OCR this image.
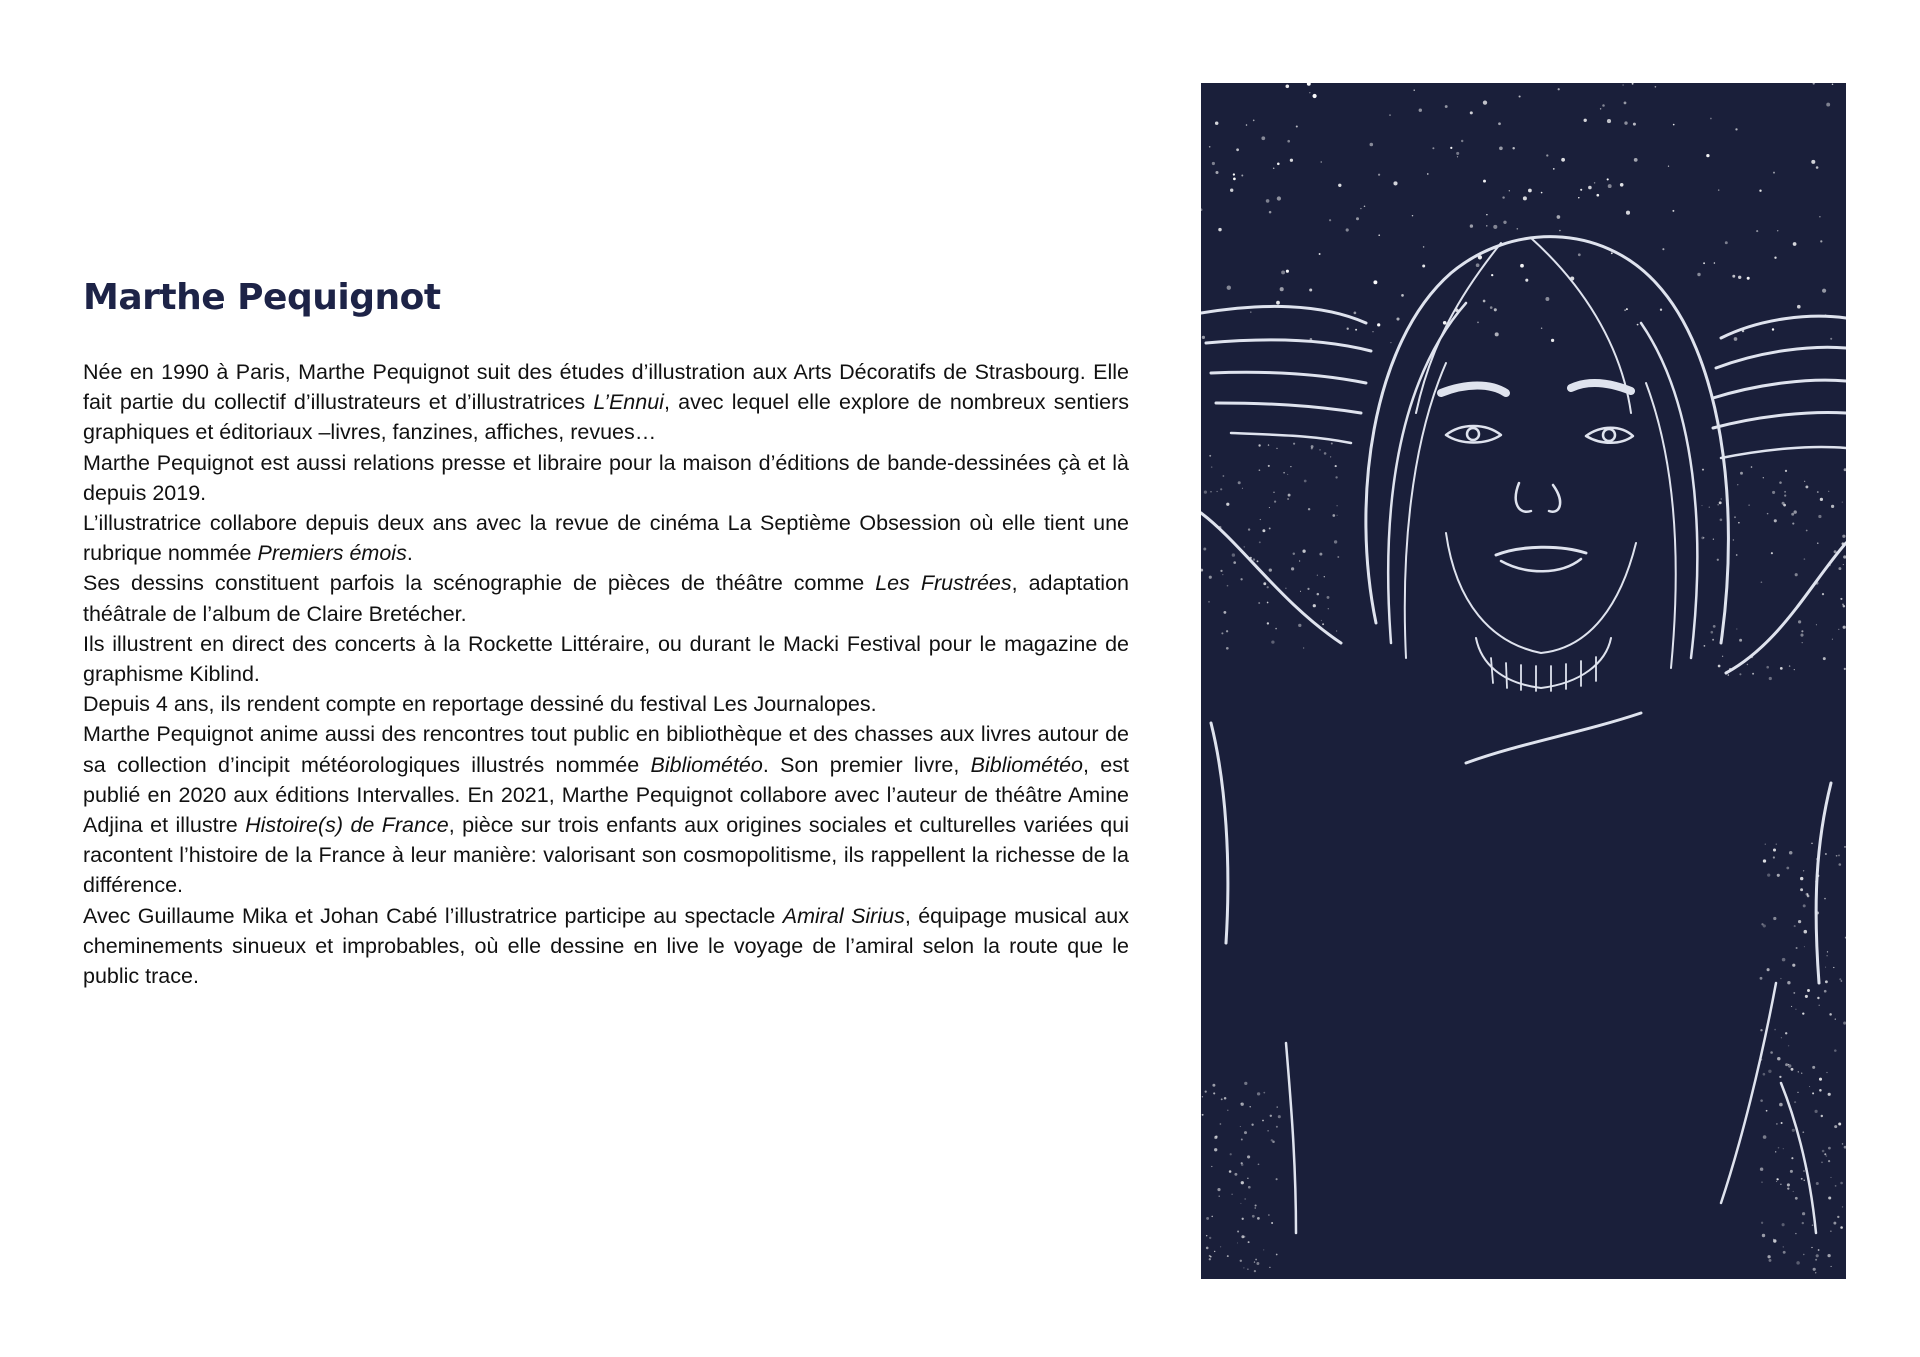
Marthe Pequignot

Née en 1990 à Paris, Marthe Pequignot suit des études d’illustration aux Arts Décoratifs de Strasbourg. Elle fait partie du collectif d’illustrateurs et d’illustratrices L’Ennui, avec lequel elle explore de nombreux sentiers graphiques et éditoriaux –livres, fanzines, affiches, revues…
Marthe Pequignot est aussi relations presse et libraire pour la maison d’éditions de bande-dessinées çà et là depuis 2019.
L’illustratrice collabore depuis deux ans avec la revue de cinéma La Septième Obsession où elle tient une rubrique nommée Premiers émois.
Ses dessins constituent parfois la scénographie de pièces de théâtre comme Les Frustrées, adaptation théâtrale de l’album de Claire Bretécher.
Ils illustrent en direct des concerts à la Rockette Littéraire, ou durant le Macki Festival pour le magazine de graphisme Kiblind.
Depuis 4 ans, ils rendent compte en reportage dessiné du festival Les Journalopes.
Marthe Pequignot anime aussi des rencontres tout public en bibliothèque et des chasses aux livres autour de sa collection d’incipit météorologiques illustrés nommée Bibliométéo. Son premier livre, Bibliométéo, est publié en 2020 aux éditions Intervalles. En 2021, Marthe Pequignot collabore avec l’auteur de théâtre Amine Adjina et illustre Histoire(s) de France, pièce sur trois enfants aux origines sociales et culturelles variées qui racontent l’histoire de la France à leur manière: valorisant son cosmopolitisme, ils rappellent la richesse de la différence.
Avec Guillaume Mika et Johan Cabé l’illustratrice participe au spectacle Amiral Sirius, équipage musical aux cheminements sinueux et improbables, où elle dessine en live le voyage de l’amiral selon la route que le public trace.
